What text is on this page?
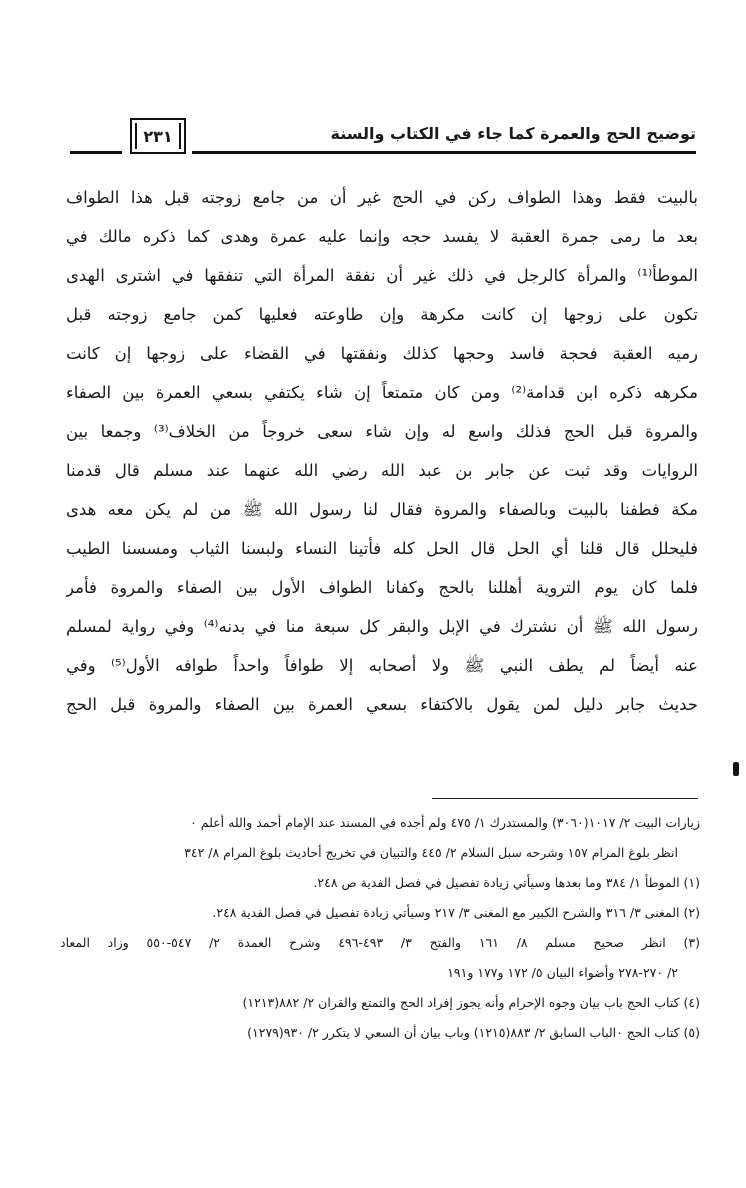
توضيح الحج والعمرة كما جاء في الكتاب والسنة
٢٣١
بالبيت فقط وهذا الطواف ركن في الحج غير أن من جامع زوجته قبل هذا الطواف
بعد ما رمى جمرة العقبة لا يفسد حجه وإنما عليه عمرة وهدى كما ذكره مالك في
الموطأ⁽¹⁾ والمرأة كالرجل في ذلك غير أن نفقة المرأة التي تنفقها في اشترى الهدى
تكون على زوجها إن كانت مكرهة وإن طاوعته فعليها كمن جامع زوجته قبل
رميه العقبة فحجة فاسد وحجها كذلك ونفقتها في القضاء على زوجها إن كانت
مكرهه ذكره ابن قدامة⁽²⁾ ومن كان متمتعاً إن شاء يكتفي بسعي العمرة بين الصفاء
والمروة قبل الحج فذلك واسع له وإن شاء سعى خروجاً من الخلاف⁽³⁾ وجمعا بين
الروايات وقد ثبت عن جابر بن عبد الله رضي الله عنهما عند مسلم قال قدمنا
مكة فطفنا بالبيت وبالصفاء والمروة فقال لنا رسول الله ﷺ من لم يكن معه هدى
فليحلل قال قلنا أي الحل قال الحل كله فأتينا النساء ولبسنا الثياب ومسسنا الطيب
فلما كان يوم التروية أهللنا بالحج وكفانا الطواف الأول بين الصفاء والمروة فأمر
رسول الله ﷺ أن نشترك في الإبل والبقر كل سبعة منا في بدنه⁽⁴⁾ وفي رواية لمسلم
عنه أيضاً لم يطف النبي ﷺ ولا أصحابه إلا طوافاً واحداً طوافه الأول⁽⁵⁾ وفي
حديث جابر دليل لمن يقول بالاكتفاء بسعي العمرة بين الصفاء والمروة قبل الحج
زيارات البيت ٢/ ١٠١٧(٣٠٦٠) والمستدرك ١/ ٤٧٥ ولم أجده في المسند عند الإمام أحمد والله أعلم ٠
انظر بلوغ المرام ١٥٧ وشرحه سبل السلام ٢/ ٤٤٥ والتبيان في تخريج أحاديث بلوغ المرام ٨/ ٣٤٢
(١) الموطأ ١/ ٣٨٤ وما بعدها وسيأتي زيادة تفصيل في فصل الفدية ص ٢٤٨.
(٢) المغنى ٣/ ٣١٦ والشرح الكبير مع المغنى ٣/ ٢١٧ وسيأتي زيادة تفصيل في فصل الفدية ٢٤٨.
(٣) انظر صحيح مسلم ٨/ ١٦١ والفتح ٣/ ٤٩٣-٤٩٦ وشرح العمدة ٢/ ٥٤٧-٥٥٠ وزاد المعاد
٢/ ٢٧٠-٢٧٨ وأضواء البيان ٥/ ١٧٢ و١٧٧ و١٩١
(٤) كتاب الحج باب بيان وجوه الإحرام وأنه يجوز إفراد الحج والتمتع والقران ٢/ ٨٨٢(١٢١٣)
(٥) كتاب الحج ٠الباب السابق ٢/ ٨٨٣(١٢١٥) وباب بيان أن السعي لا يتكرر ٢/ ٩٣٠(١٢٧٩)
